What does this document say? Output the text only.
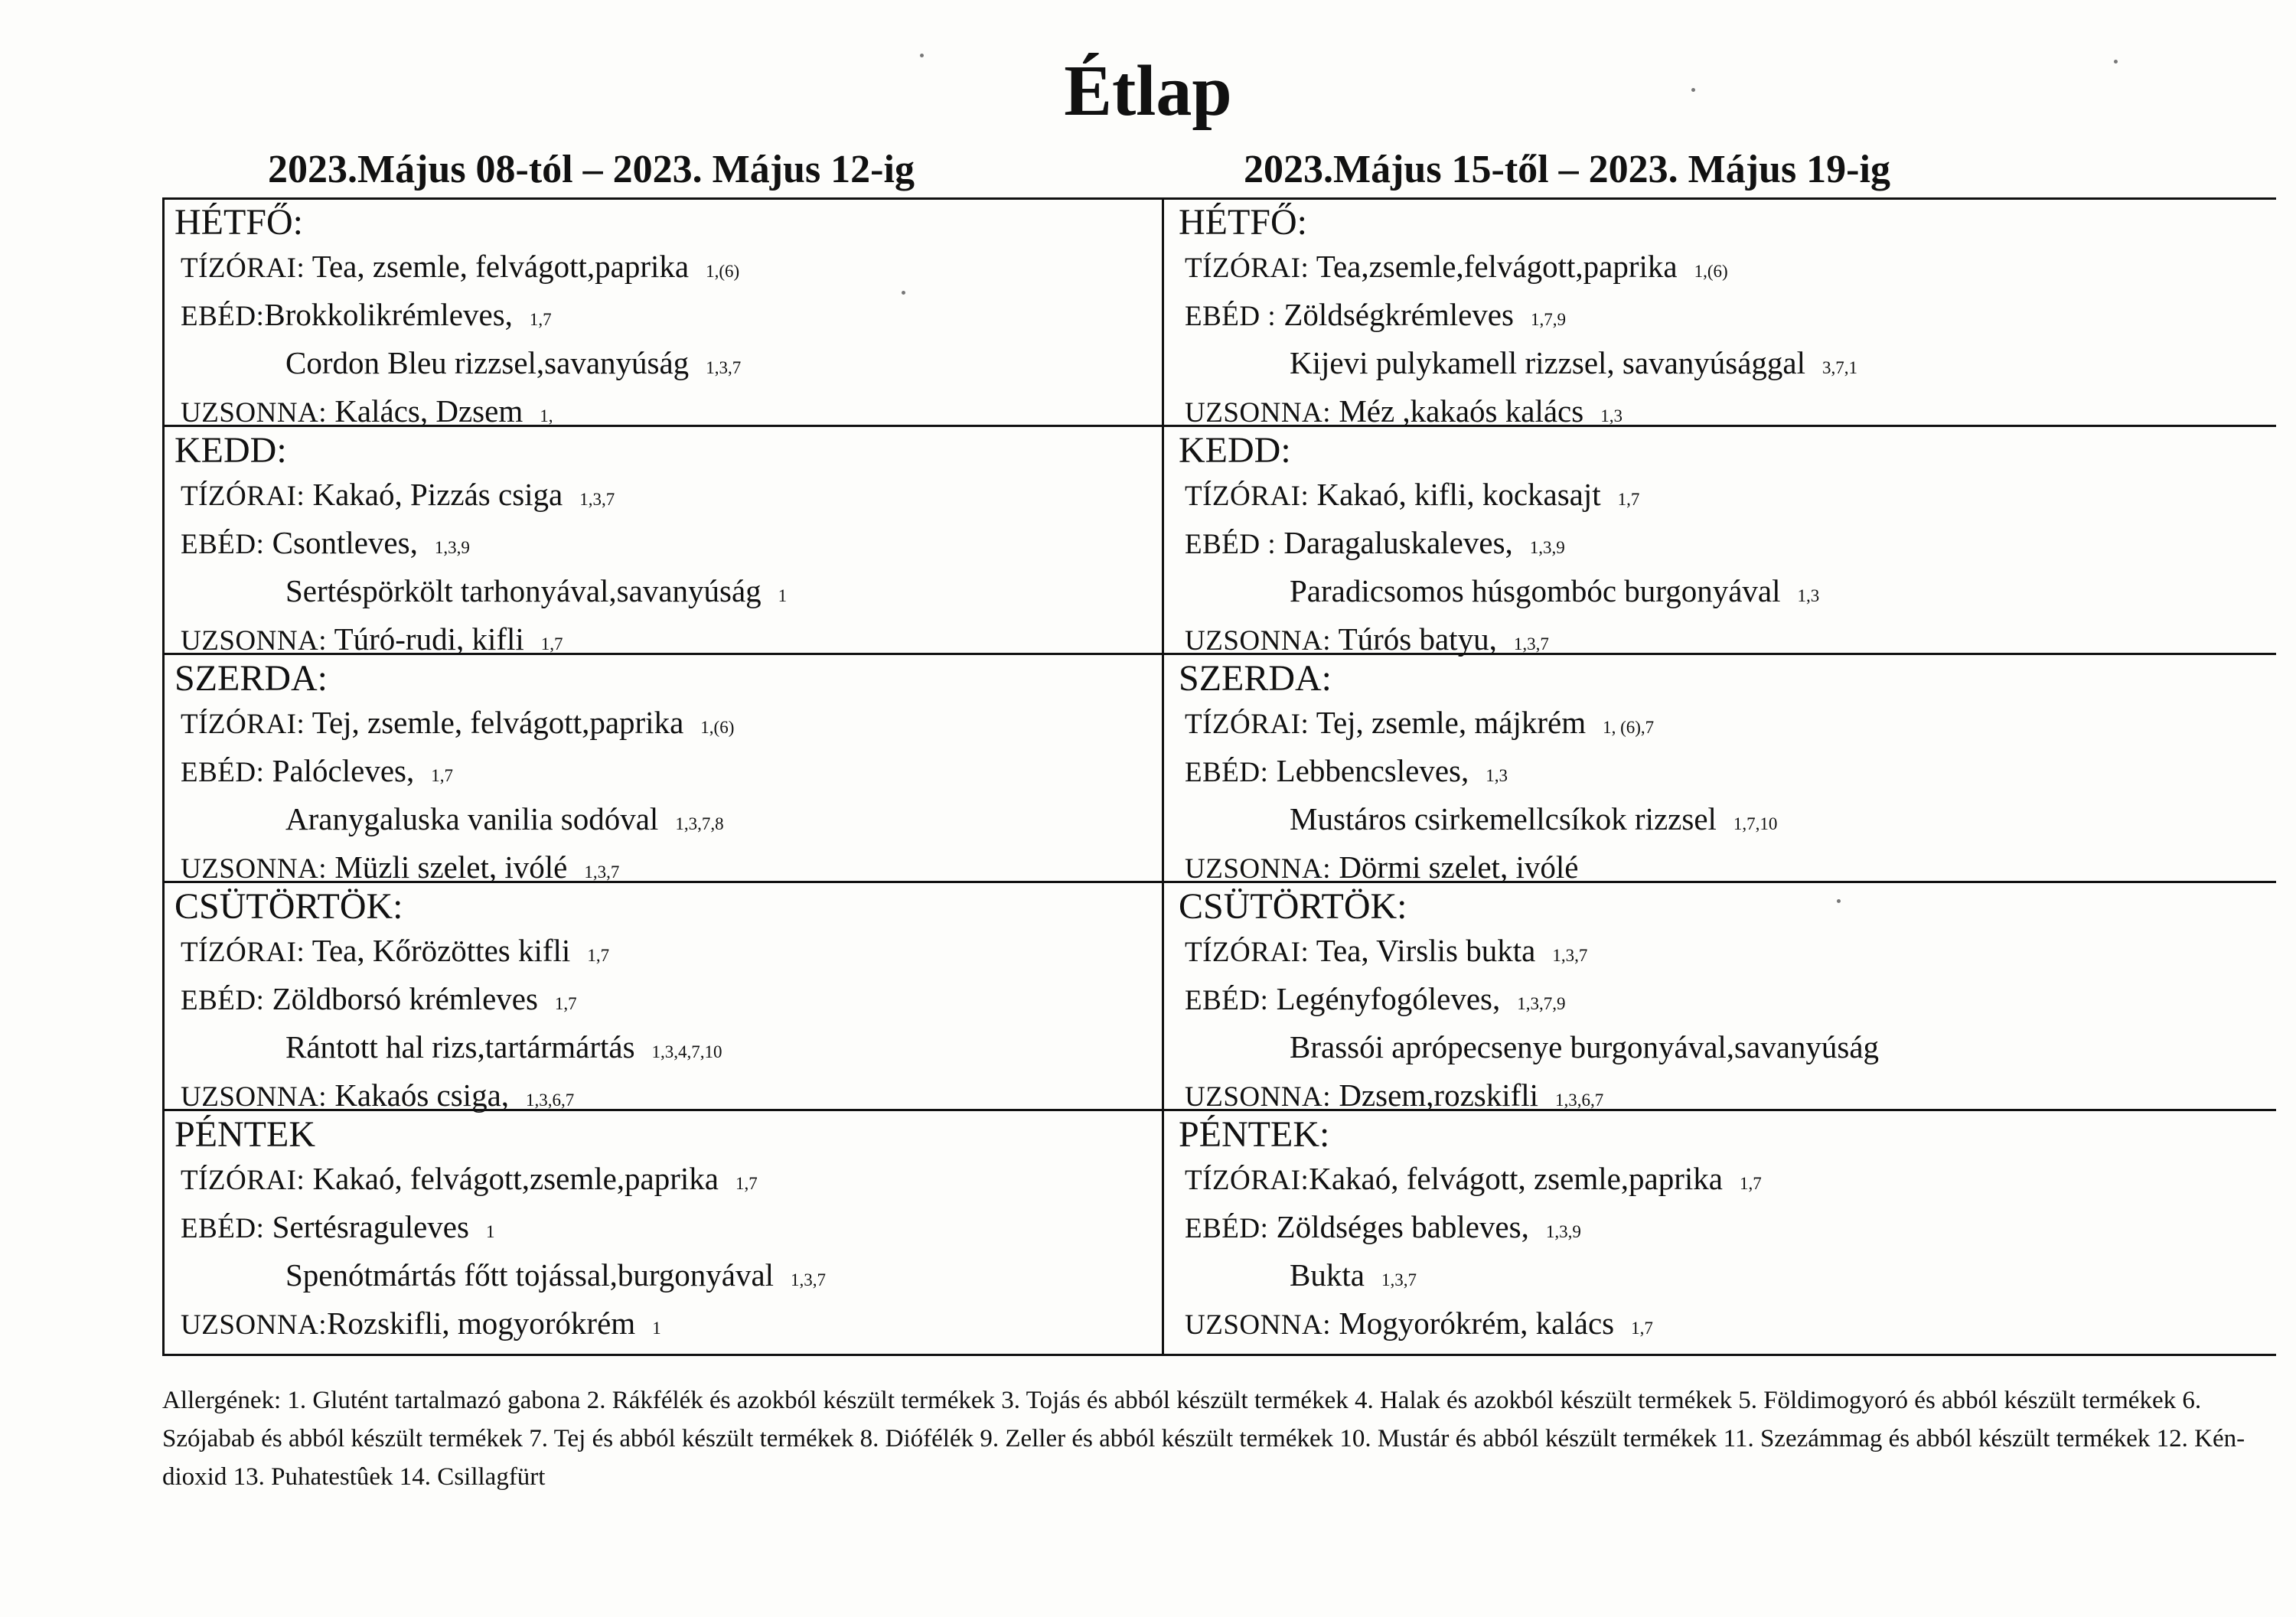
Étlap
2023.Május 08-tól – 2023. Május 12-ig	2023.Május 15-től – 2023. Május 19-ig
HÉTFŐ:
TÍZÓRAI: Tea, zsemle, felvágott,paprika 1,(6)
EBÉD:Brokkolikrémleves, 1,7
Cordon Bleu rizzsel,savanyúság 1,3,7
UZSONNA: Kalács, Dzsem 1,
KEDD:
TÍZÓRAI: Kakaó, Pizzás csiga 1,3,7
EBÉD: Csontleves, 1,3,9
Sertéspörkölt tarhonyával,savanyúság 1
UZSONNA: Túró-rudi, kifli 1,7
SZERDA:
TÍZÓRAI: Tej, zsemle, felvágott,paprika 1,(6)
EBÉD: Palócleves, 1,7
Aranygaluska vanilia sodóval 1,3,7,8
UZSONNA: Müzli szelet, ivólé 1,3,7
CSÜTÖRTÖK:
TÍZÓRAI: Tea, Kőrözöttes kifli 1,7
EBÉD: Zöldborsó krémleves 1,7
Rántott hal rizs,tartármártás 1,3,4,7,10
UZSONNA: Kakaós csiga, 1,3,6,7
PÉNTEK
TÍZÓRAI: Kakaó, felvágott,zsemle,paprika 1,7
EBÉD: Sertésraguleves 1
Spenótmártás főtt tojással,burgonyával 1,3,7
UZSONNA:Rozskifli, mogyorókrém 1
HÉTFŐ:
TÍZÓRAI: Tea,zsemle,felvágott,paprika 1,(6)
EBÉD : Zöldségkrémleves 1,7,9
Kijevi pulykamell rizzsel, savanyúsággal 3,7,1
UZSONNA: Méz ,kakaós kalács 1,3
KEDD:
TÍZÓRAI: Kakaó, kifli, kockasajt 1,7
EBÉD : Daragaluskaleves, 1,3,9
Paradicsomos húsgombóc burgonyával 1,3
UZSONNA: Túrós batyu, 1,3,7
SZERDA:
TÍZÓRAI: Tej, zsemle, májkrém 1, (6),7
EBÉD: Lebbencsleves, 1,3
Mustáros csirkemellcsíkok rizzsel 1,7,10
UZSONNA: Dörmi szelet, ivólé
CSÜTÖRTÖK:
TÍZÓRAI: Tea, Virslis bukta 1,3,7
EBÉD: Legényfogóleves, 1,3,7,9
Brassói aprópecsenye burgonyával,savanyúság
UZSONNA: Dzsem,rozskifli 1,3,6,7
PÉNTEK:
TÍZÓRAI:Kakaó, felvágott, zsemle,paprika 1,7
EBÉD: Zöldséges bableves, 1,3,9
Bukta 1,3,7
UZSONNA: Mogyorókrém, kalács 1,7

Allergének: 1. Glutént tartalmazó gabona 2. Rákfélék és azokból készült termékek 3. Tojás és abból készült termékek 4. Halak és azokból készült termékek 5. Földimogyoró és abból készült termékek 6. Szójabab és abból készült termékek 7. Tej és abból készült termékek 8. Diófélék 9. Zeller és abból készült termékek 10. Mustár és abból készült termékek 11. Szezámmag és abból készült termékek 12. Kén-dioxid 13. Puhatestûek 14. Csillagfürt
